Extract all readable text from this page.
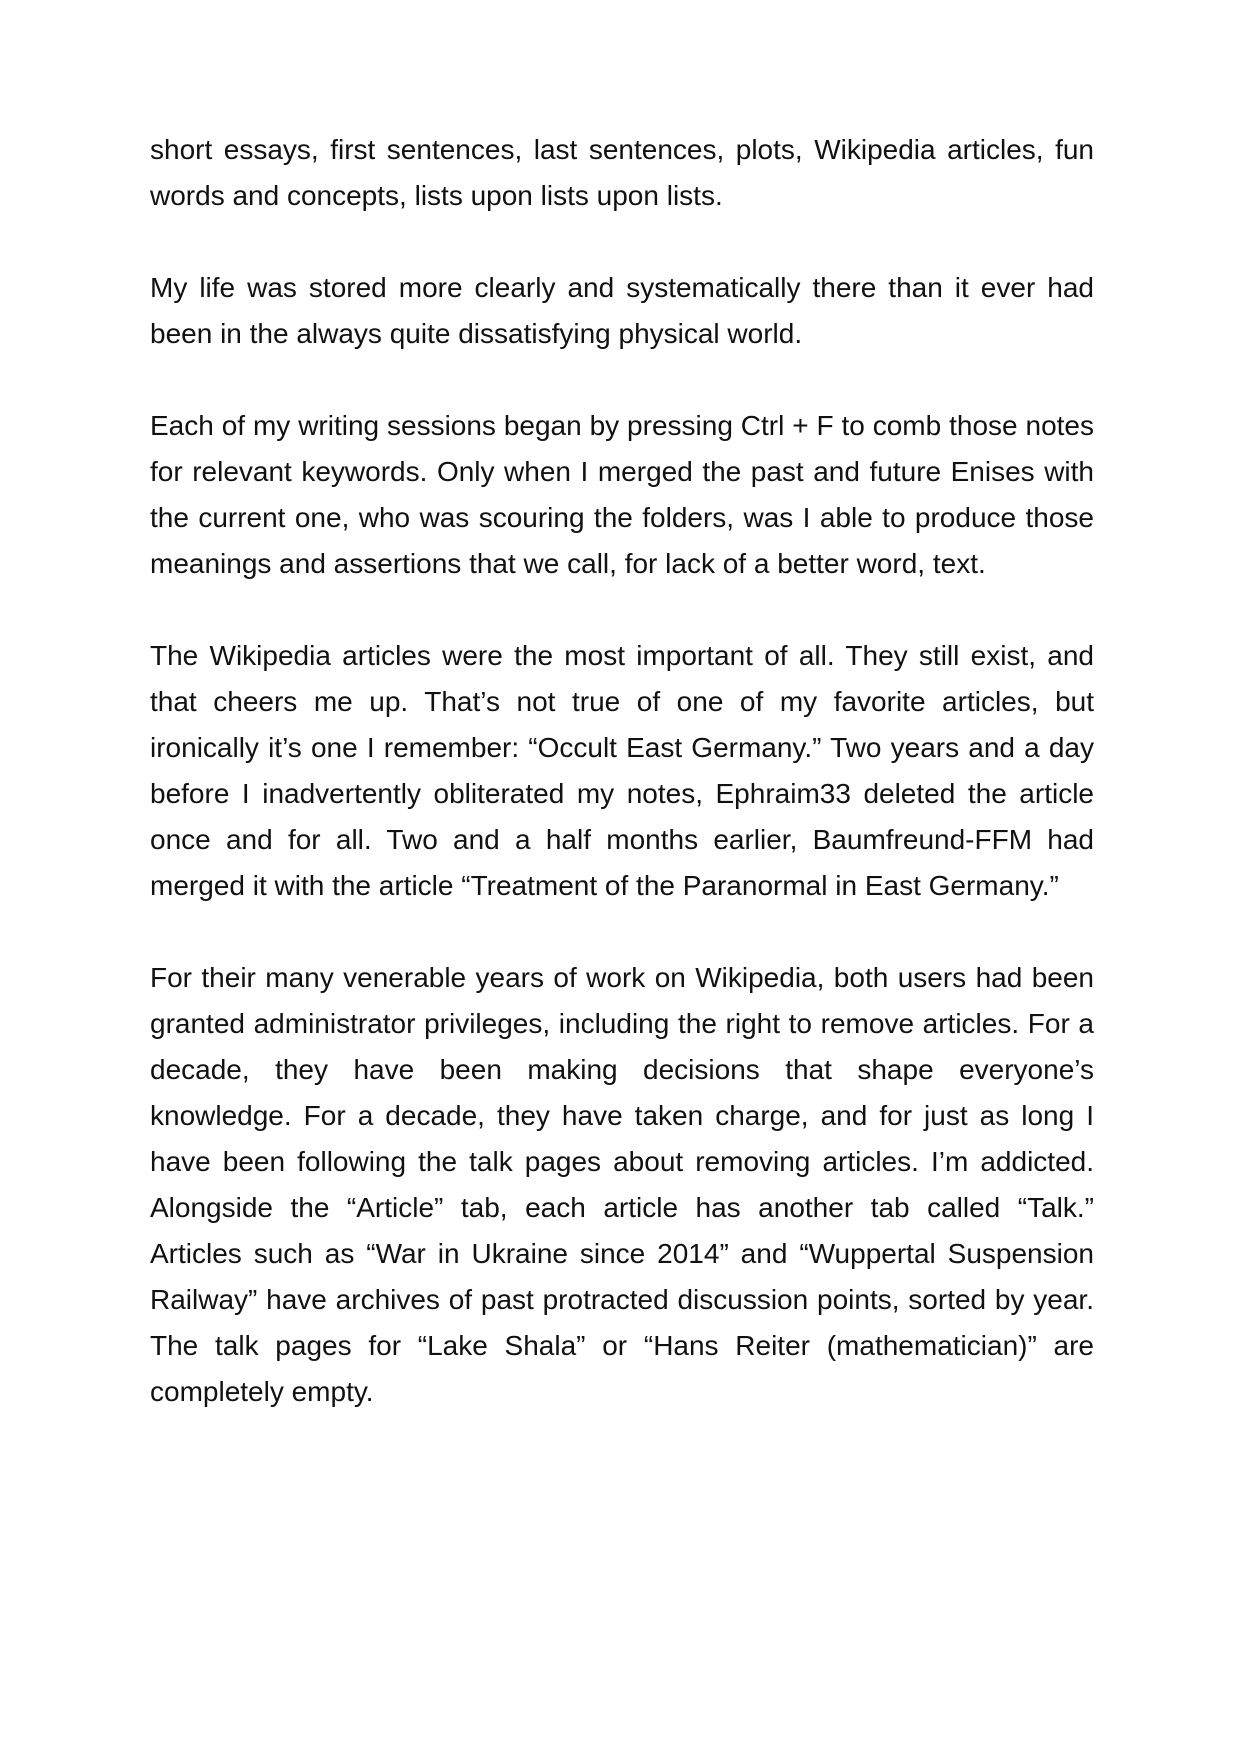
short essays, first sentences, last sentences, plots, Wikipedia articles, fun words and concepts, lists upon lists upon lists.

My life was stored more clearly and systematically there than it ever had been in the always quite dissatisfying physical world.

Each of my writing sessions began by pressing Ctrl + F to comb those notes for relevant keywords. Only when I merged the past and future Enises with the current one, who was scouring the folders, was I able to produce those meanings and assertions that we call, for lack of a better word, text.

The Wikipedia articles were the most important of all. They still exist, and that cheers me up. That’s not true of one of my favorite articles, but ironically it’s one I remember: “Occult East Germany.” Two years and a day before I inadvertently obliterated my notes, Ephraim33 deleted the article once and for all. Two and a half months earlier, Baumfreund-FFM had merged it with the article “Treatment of the Paranormal in East Germany.”

For their many venerable years of work on Wikipedia, both users had been granted administrator privileges, including the right to remove articles. For a decade, they have been making decisions that shape everyone’s knowledge. For a decade, they have taken charge, and for just as long I have been following the talk pages about removing articles. I’m addicted. Alongside the “Article” tab, each article has another tab called “Talk.” Articles such as “War in Ukraine since 2014” and “Wuppertal Suspension Railway” have archives of past protracted discussion points, sorted by year. The talk pages for “Lake Shala” or “Hans Reiter (mathematician)” are completely empty.
